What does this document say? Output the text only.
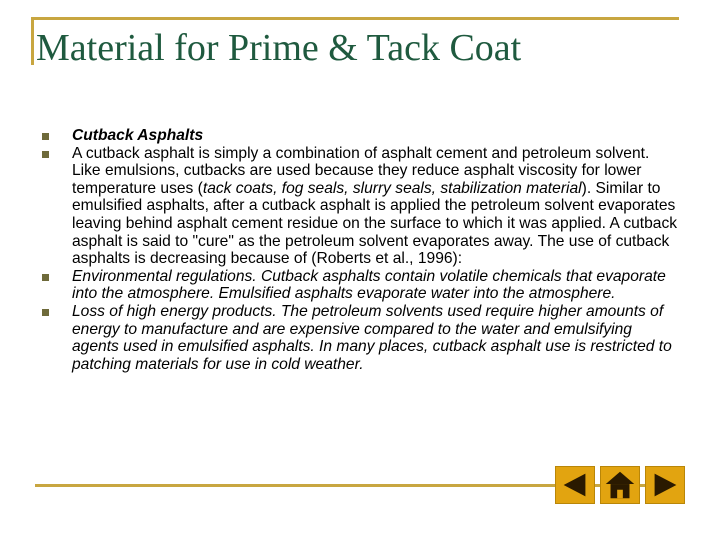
Material for Prime & Tack Coat
Cutback Asphalts
A cutback asphalt is simply a combination of asphalt cement and petroleum solvent. Like emulsions, cutbacks are used because they reduce asphalt viscosity for lower temperature uses (tack coats, fog seals, slurry seals, stabilization material). Similar to emulsified asphalts, after a cutback asphalt is applied the petroleum solvent evaporates leaving behind asphalt cement residue on the surface to which it was applied. A cutback asphalt is said to "cure" as the petroleum solvent evaporates away. The use of cutback asphalts is decreasing because of (Roberts et al., 1996):
Environmental regulations. Cutback asphalts contain volatile chemicals that evaporate into the atmosphere. Emulsified asphalts evaporate water into the atmosphere.
Loss of high energy products. The petroleum solvents used require higher amounts of energy to manufacture and are expensive compared to the water and emulsifying agents used in emulsified asphalts. In many places, cutback asphalt use is restricted to patching materials for use in cold weather.
